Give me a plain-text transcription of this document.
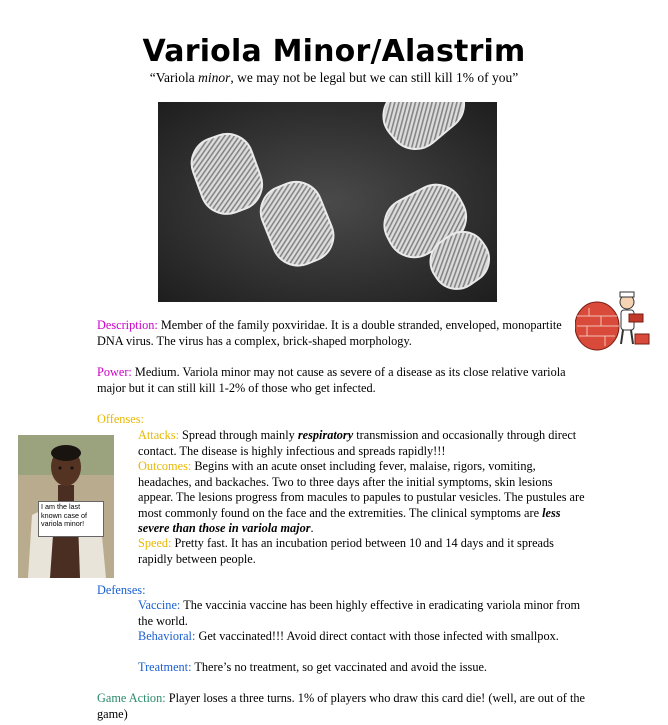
Variola Minor/Alastrim
“Variola minor, we may not be legal but we can still kill 1% of you”
I am the last known case of variola minor!
Description: Member of the family poxviridae. It is a double stranded, enveloped, monopartite DNA virus. The virus has a complex, brick-shaped morphology.
Power: Medium. Variola minor may not cause as severe of a disease as its close relative variola major but it can still kill 1-2% of those who get infected.
Offenses:
Attacks: Spread through mainly respiratory transmission and occasionally through direct contact. The disease is highly infectious and spreads rapidly!!!
Outcomes: Begins with an acute onset including fever, malaise, rigors, vomiting, headaches, and backaches. Two to three days after the initial symptoms, skin lesions appear. The lesions progress from macules to papules to pustular vesicles. The pustules are most commonly found on the face and the extremities. The clinical symptoms are less severe than those in variola major.
Speed: Pretty fast. It has an incubation period between 10 and 14 days and it spreads rapidly between people.
Defenses:
Vaccine: The vaccinia vaccine has been highly effective in eradicating variola minor from the world.
Behavioral: Get vaccinated!!! Avoid direct contact with those infected with smallpox.
Treatment: There’s no treatment, so get vaccinated and avoid the issue.
Game Action: Player loses a three turns. 1% of players who draw this card die! (well, are out of the game)
